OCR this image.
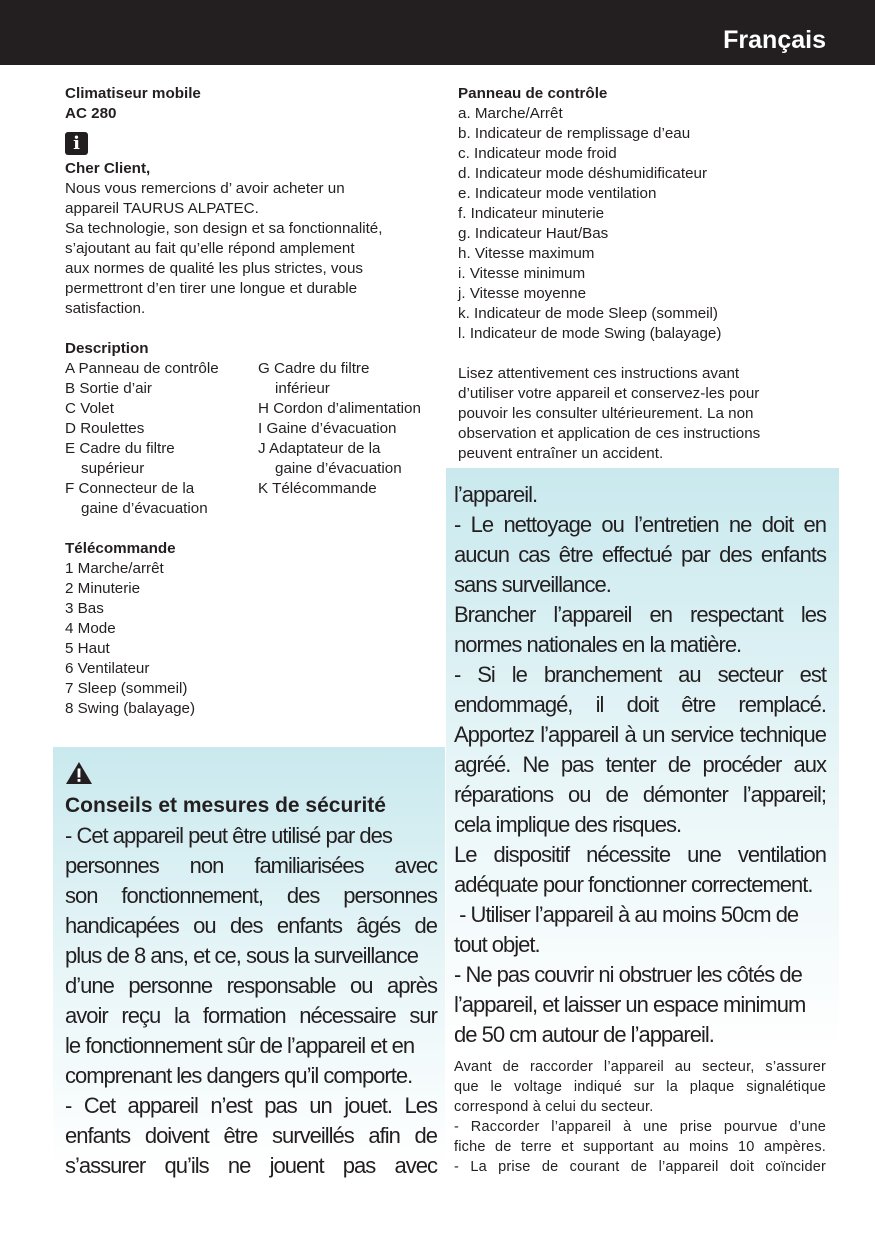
Français
Climatiseur mobile
AC 280
i
Cher Client,
Nous vous remercions d’ avoir acheter un
appareil TAURUS ALPATEC.
Sa technologie, son design et sa fonctionnalité,
s’ajoutant au fait qu’elle répond amplement
aux normes de qualité les plus strictes, vous
permettront d’en tirer une longue et durable
satisfaction.
Description
A Panneau de contrôle
B Sortie d’air
C Volet
D Roulettes
E Cadre du filtre
supérieur
F Connecteur de la
gaine d’évacuation
G Cadre du filtre
inférieur
H Cordon d’alimentation
I Gaine d’évacuation
J Adaptateur de la
gaine d’évacuation
K Télécommande
Télécommande
1 Marche/arrêt
2 Minuterie
3 Bas
4 Mode
5 Haut
6 Ventilateur
7 Sleep (sommeil)
8 Swing (balayage)
Conseils et mesures de sécurité
- Cet appareil peut être utilisé par des
personnes non familiarisées avec
son fonctionnement, des personnes
handicapées ou des enfants âgés de
plus de 8 ans, et ce, sous la surveillance
d’une personne responsable ou après
avoir reçu la formation nécessaire sur
le fonctionnement sûr de l’appareil et en
comprenant les dangers qu’il comporte.
- Cet appareil n’est pas un jouet. Les
enfants doivent être surveillés afin de
s’assurer qu’ils ne jouent pas avec
Panneau de contrôle
a. Marche/Arrêt
b. Indicateur de remplissage d’eau
c. Indicateur mode froid
d. Indicateur mode déshumidificateur
e. Indicateur mode ventilation
f. Indicateur minuterie
g. Indicateur Haut/Bas
h. Vitesse maximum
i. Vitesse minimum
j. Vitesse moyenne
k. Indicateur de mode Sleep (sommeil)
l. Indicateur de mode Swing (balayage)
Lisez attentivement ces instructions avant
d’utiliser votre appareil et conservez-les pour
pouvoir les consulter ultérieurement. La non
observation et application de ces instructions
peuvent entraîner un accident.
l’appareil.
- Le nettoyage ou l’entretien ne doit en
aucun cas être effectué par des enfants
sans surveillance.
Brancher l’appareil en respectant les
normes nationales en la matière.
- Si le branchement au secteur est
endommagé, il doit être remplacé.
Apportez l’appareil à un service technique
agréé. Ne pas tenter de procéder aux
réparations ou de démonter l’appareil;
cela implique des risques.
Le dispositif nécessite une ventilation
adéquate pour fonctionner correctement.
- Utiliser l’appareil à au moins 50cm de
tout objet.
- Ne pas couvrir ni obstruer les côtés de
l’appareil, et laisser un espace minimum
de 50 cm autour de l’appareil.
Avant de raccorder l’appareil au secteur, s’assurer
que le voltage indiqué sur la plaque signalétique
correspond à celui du secteur.
- Raccorder l’appareil à une prise pourvue d’une
fiche de terre et supportant au moins 10 ampères.
- La prise de courant de l’appareil doit coïncider
